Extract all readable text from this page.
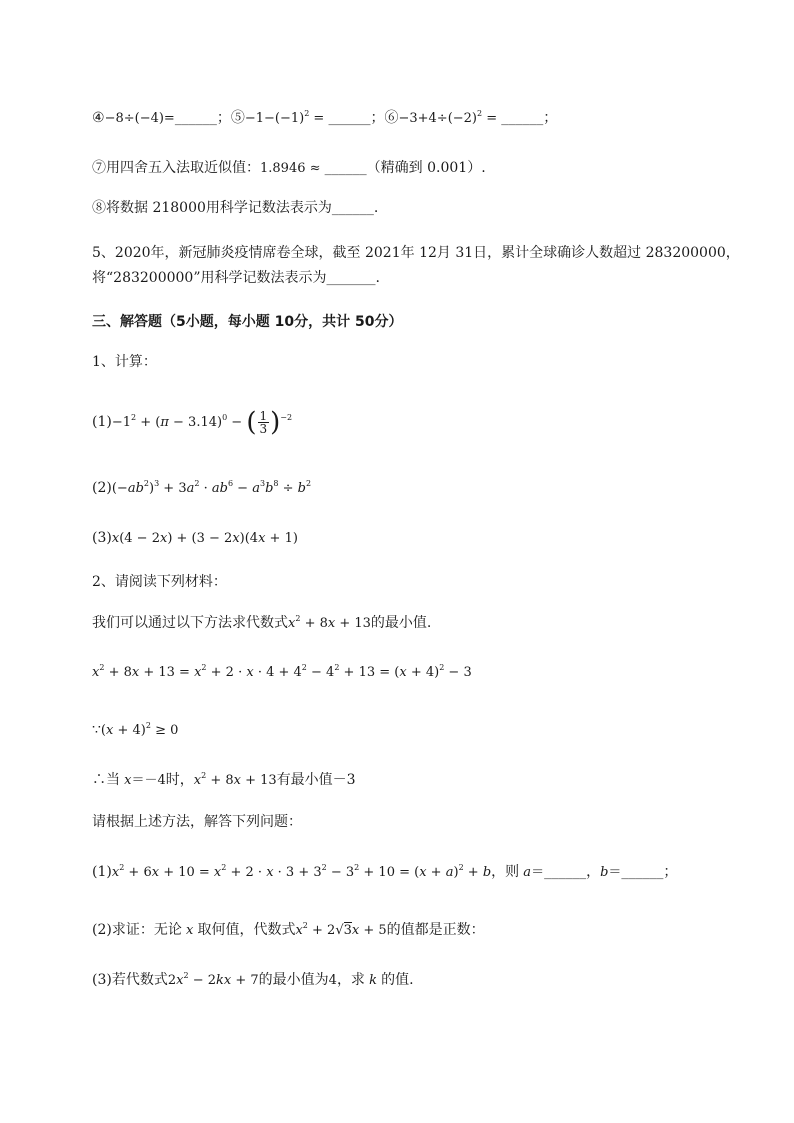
④−8÷(−4)=______；$⑤-1-(-1)^2$ = ______；$⑥-3+4\div(-2)^2$ = ______；
⑦用四舍五入法取近似值：1.8946 ≈ ______（精确到 0.001）.
⑧将数据 218000用科学记数法表示为______.
5、2020年，新冠肺炎疫情席卷全球，截至 2021年 12月 31日，累计全球确诊人数超过 283200000，
将“283200000”用科学记数法表示为_______.
三、解答题（5小题，每小题 10分，共计 50分）
1、计算：
$(1)-1^2 + (\pi - 3.14)^0$ − ( $\frac{1}{3} )^{-2}$
$(2)(-ab^2)^3 + 3a^2 \cdot ab^6 - a^3b^8 \div b^2$
(3)x(4 − 2x) + (3 − 2x)(4x + 1)
2、请阅读下列材料：
我们可以通过以下方法求代数式$x^2 + 8x + 13$的最小值.
$x^2 + 8x + 13 = x^2 + 2 \cdot x \cdot 4 + 4^2 - 4^2 + 13 = (x + 4)^2 - 3$
∵(x + 4)$^2$ ≥ 0
∴当 x＝－4时，$x^2 + 8x + 13$有最小值－3
请根据上述方法，解答下列问题：
$(1)x^2 + 6x + 10 = x^2 + 2 \cdot x \cdot 3 + 3^2 - 3^2 + 10 = (x + a)^2 + b$，则 a＝______，b＝______；
(2)求证：无论 x 取何值，代数式$x^2 + 2√3x + 5$的值都是正数：
(3)若代数式$2x^2 - 2kx + 7$的最小值为4，求 k 的值.
